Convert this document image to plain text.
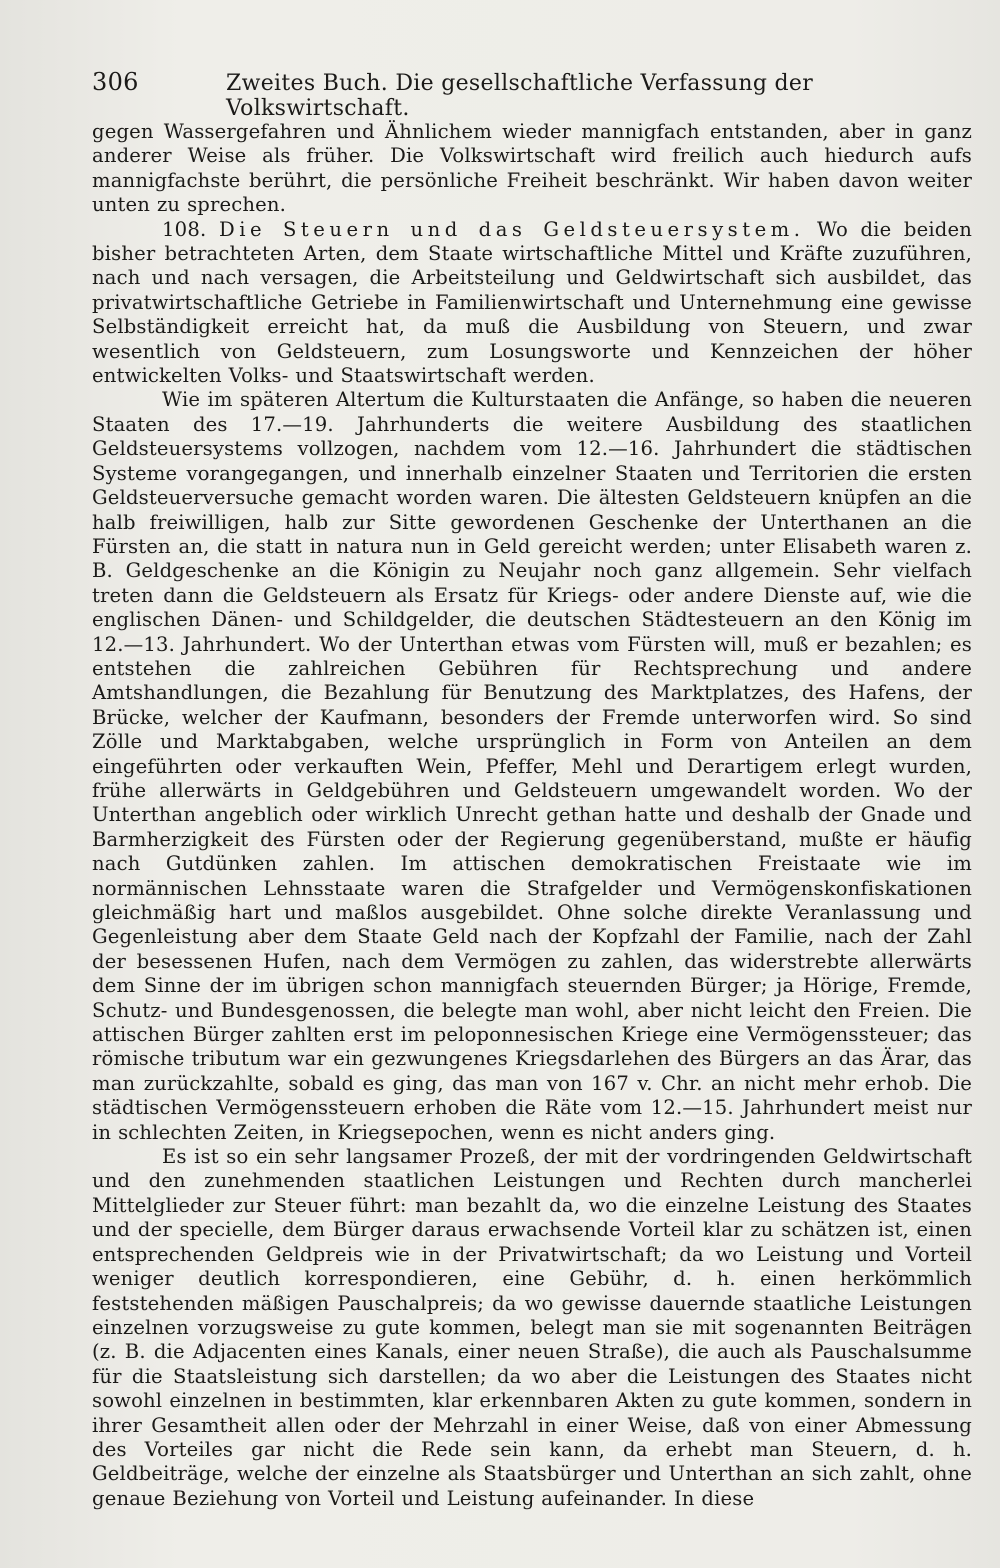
306	Zweites Buch. Die gesellschaftliche Verfassung der Volkswirtschaft.

gegen Wassergefahren und Ähnlichem wieder mannigfach entstanden, aber in ganz anderer Weise als früher. Die Volkswirtschaft wird freilich auch hiedurch aufs mannigfachste berührt, die persönliche Freiheit beschränkt. Wir haben davon weiter unten zu sprechen.

108. Die Steuern und das Geldsteuersystem. Wo die beiden bisher betrachteten Arten, dem Staate wirtschaftliche Mittel und Kräfte zuzuführen, nach und nach versagen, die Arbeitsteilung und Geldwirtschaft sich ausbildet, das privatwirtschaftliche Getriebe in Familienwirtschaft und Unternehmung eine gewisse Selbständigkeit erreicht hat, da muß die Ausbildung von Steuern, und zwar wesentlich von Geldsteuern, zum Losungsworte und Kennzeichen der höher entwickelten Volks- und Staatswirtschaft werden.

Wie im späteren Altertum die Kulturstaaten die Anfänge, so haben die neueren Staaten des 17.—19. Jahrhunderts die weitere Ausbildung des staatlichen Geldsteuersystems vollzogen, nachdem vom 12.—16. Jahrhundert die städtischen Systeme vorangegangen, und innerhalb einzelner Staaten und Territorien die ersten Geldsteuerversuche gemacht worden waren. Die ältesten Geldsteuern knüpfen an die halb freiwilligen, halb zur Sitte gewordenen Geschenke der Unterthanen an die Fürsten an, die statt in natura nun in Geld gereicht werden; unter Elisabeth waren z. B. Geldgeschenke an die Königin zu Neujahr noch ganz allgemein. Sehr vielfach treten dann die Geldsteuern als Ersatz für Kriegs- oder andere Dienste auf, wie die englischen Dänen- und Schildgelder, die deutschen Städtesteuern an den König im 12.—13. Jahrhundert. Wo der Unterthan etwas vom Fürsten will, muß er bezahlen; es entstehen die zahlreichen Gebühren für Rechtsprechung und andere Amtshandlungen, die Bezahlung für Benutzung des Marktplatzes, des Hafens, der Brücke, welcher der Kaufmann, besonders der Fremde unterworfen wird. So sind Zölle und Marktabgaben, welche ursprünglich in Form von Anteilen an dem eingeführten oder verkauften Wein, Pfeffer, Mehl und Derartigem erlegt wurden, frühe allerwärts in Geldgebühren und Geldsteuern umgewandelt worden. Wo der Unterthan angeblich oder wirklich Unrecht gethan hatte und deshalb der Gnade und Barmherzigkeit des Fürsten oder der Regierung gegenüberstand, mußte er häufig nach Gutdünken zahlen. Im attischen demokratischen Freistaate wie im normännischen Lehnsstaate waren die Strafgelder und Vermögenskonfiskationen gleichmäßig hart und maßlos ausgebildet. Ohne solche direkte Veranlassung und Gegenleistung aber dem Staate Geld nach der Kopfzahl der Familie, nach der Zahl der besessenen Hufen, nach dem Vermögen zu zahlen, das widerstrebte allerwärts dem Sinne der im übrigen schon mannigfach steuernden Bürger; ja Hörige, Fremde, Schutz- und Bundesgenossen, die belegte man wohl, aber nicht leicht den Freien. Die attischen Bürger zahlten erst im peloponnesischen Kriege eine Vermögenssteuer; das römische tributum war ein gezwungenes Kriegsdarlehen des Bürgers an das Ärar, das man zurückzahlte, sobald es ging, das man von 167 v. Chr. an nicht mehr erhob. Die städtischen Vermögenssteuern erhoben die Räte vom 12.—15. Jahrhundert meist nur in schlechten Zeiten, in Kriegsepochen, wenn es nicht anders ging.

Es ist so ein sehr langsamer Prozeß, der mit der vordringenden Geldwirtschaft und den zunehmenden staatlichen Leistungen und Rechten durch mancherlei Mittelglieder zur Steuer führt: man bezahlt da, wo die einzelne Leistung des Staates und der specielle, dem Bürger daraus erwachsende Vorteil klar zu schätzen ist, einen entsprechenden Geldpreis wie in der Privatwirtschaft; da wo Leistung und Vorteil weniger deutlich korrespondieren, eine Gebühr, d. h. einen herkömmlich feststehenden mäßigen Pauschalpreis; da wo gewisse dauernde staatliche Leistungen einzelnen vorzugsweise zu gute kommen, belegt man sie mit sogenannten Beiträgen (z. B. die Adjacenten eines Kanals, einer neuen Straße), die auch als Pauschalsumme für die Staatsleistung sich darstellen; da wo aber die Leistungen des Staates nicht sowohl einzelnen in bestimmten, klar erkennbaren Akten zu gute kommen, sondern in ihrer Gesamtheit allen oder der Mehrzahl in einer Weise, daß von einer Abmessung des Vorteiles gar nicht die Rede sein kann, da erhebt man Steuern, d. h. Geldbeiträge, welche der einzelne als Staatsbürger und Unterthan an sich zahlt, ohne genaue Beziehung von Vorteil und Leistung aufeinander. In diese
